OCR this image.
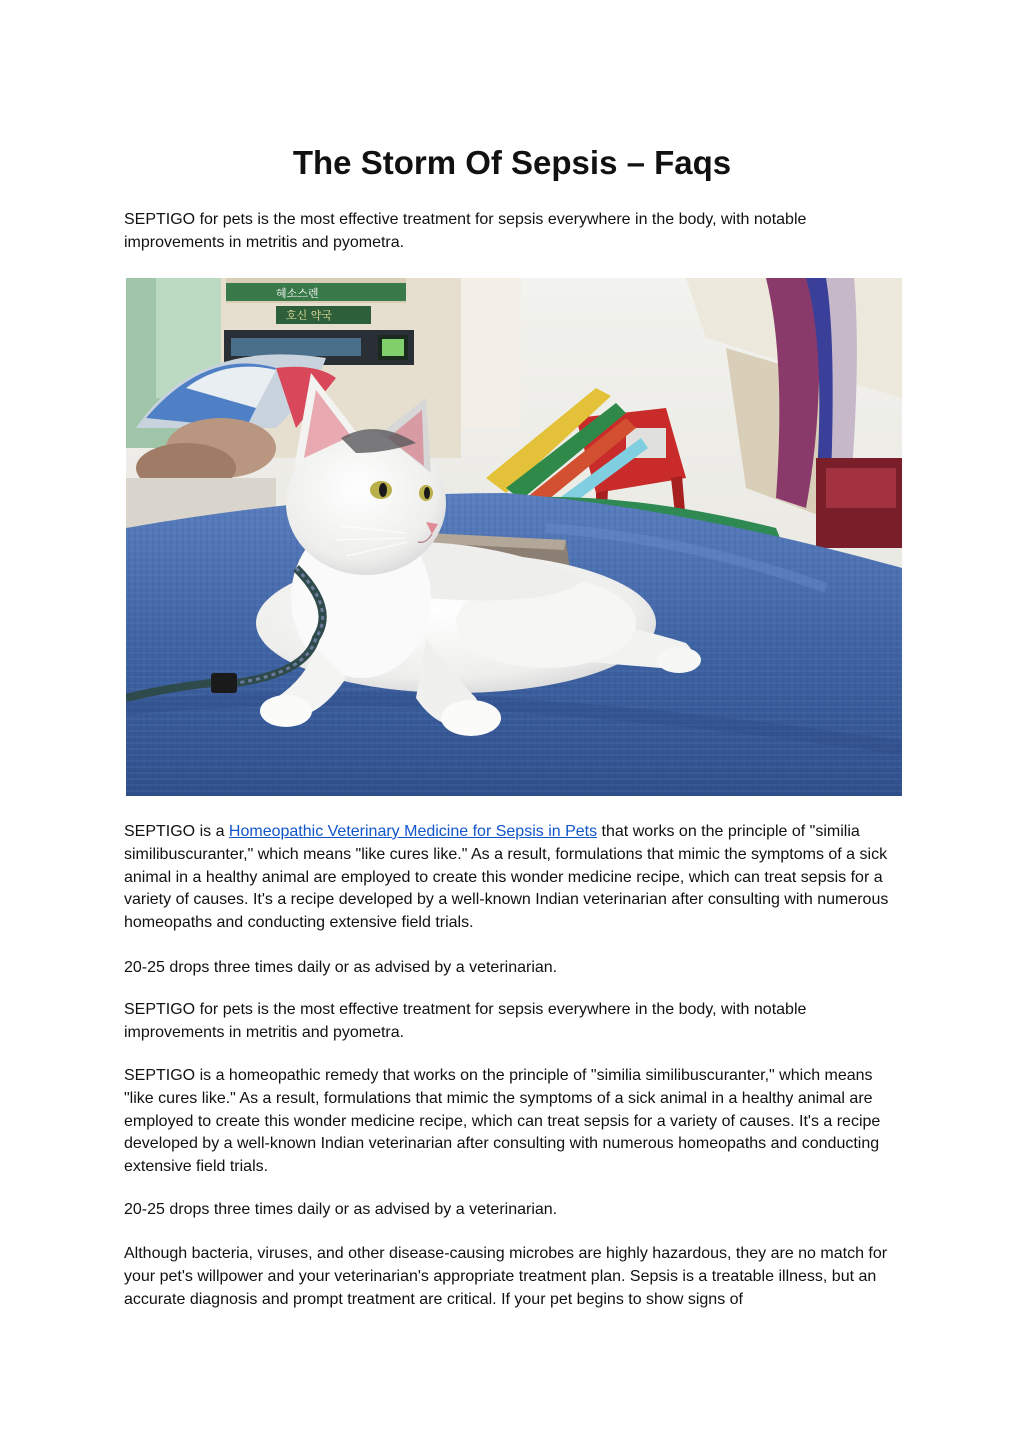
The Storm Of Sepsis – Faqs

SEPTIGO for pets is the most effective treatment for sepsis everywhere in the body, with notable improvements in metritis and pyometra.

혜소스렌
호신 약국

SEPTIGO is a Homeopathic Veterinary Medicine for Sepsis in Pets that works on the principle of "similia similibuscuranter," which means "like cures like." As a result, formulations that mimic the symptoms of a sick animal in a healthy animal are employed to create this wonder medicine recipe, which can treat sepsis for a variety of causes. It's a recipe developed by a well-known Indian veterinarian after consulting with numerous homeopaths and conducting extensive field trials.

20-25 drops three times daily or as advised by a veterinarian.

SEPTIGO for pets is the most effective treatment for sepsis everywhere in the body, with notable improvements in metritis and pyometra.

SEPTIGO is a homeopathic remedy that works on the principle of "similia similibuscuranter," which means "like cures like." As a result, formulations that mimic the symptoms of a sick animal in a healthy animal are employed to create this wonder medicine recipe, which can treat sepsis for a variety of causes. It's a recipe developed by a well-known Indian veterinarian after consulting with numerous homeopaths and conducting extensive field trials.

20-25 drops three times daily or as advised by a veterinarian.

Although bacteria, viruses, and other disease-causing microbes are highly hazardous, they are no match for your pet's willpower and your veterinarian's appropriate treatment plan. Sepsis is a treatable illness, but an accurate diagnosis and prompt treatment are critical. If your pet begins to show signs of
